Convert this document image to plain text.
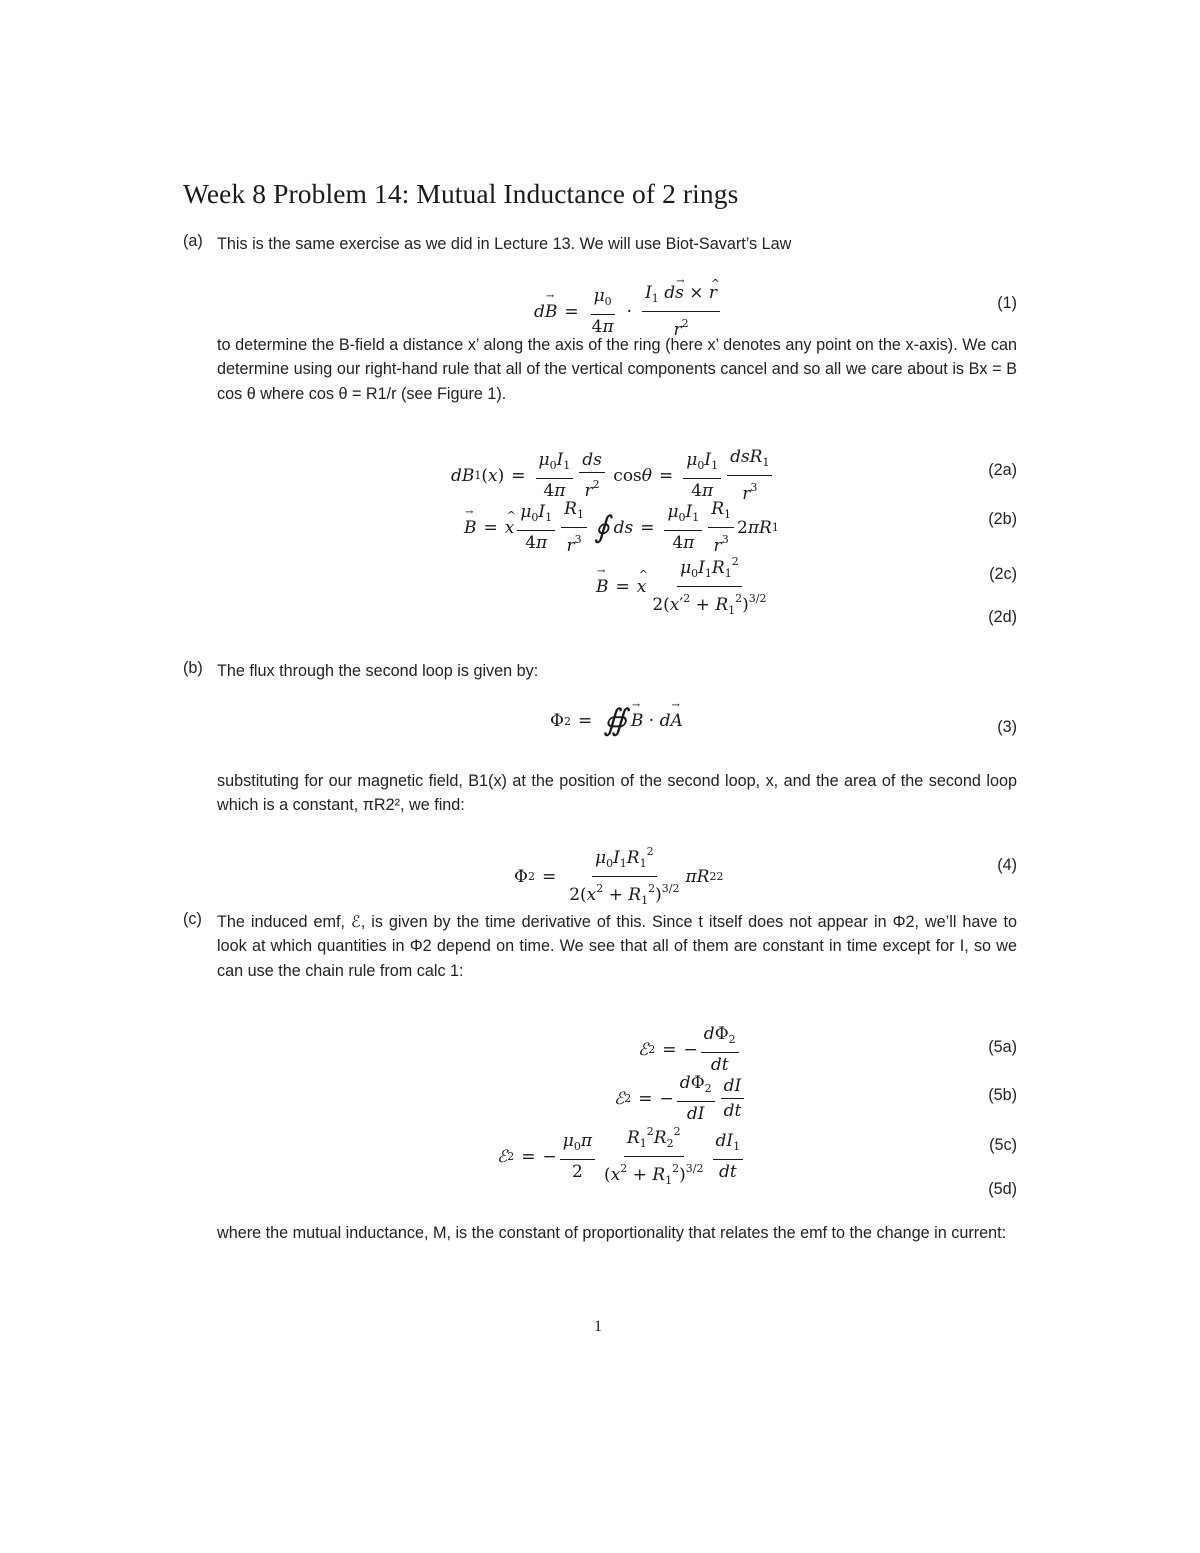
Week 8 Problem 14: Mutual Inductance of 2 rings
(a) This is the same exercise as we did in Lecture 13. We will use Biot-Savart’s Law

d
→ $B = \frac{\mu_0}{4\pi} \cdot \frac{I_1 d\to s \times \^{} r}{r^2}$	(1)

to determine the B-field a distance x’ along the axis of the ring (here x’ denotes any point on the x-axis). We can determine using our right-hand rule that all of the vertical components cancel and so all we care about is Bx = B cos θ where cos θ = R1/r (see Figure 1).

dB 1 ( x ) = $\frac{\mu_0I_1}{4\pi} \frac{ds}{r^2}$ $\cos \theta = \frac{\mu_0I_1}{4\pi} \frac{dsR_1}{r^3}$	(2a)
→ B =
^ x $\frac{\mu_0I_1}{4\pi} \frac{R_1}{r^3}$ ∮ ds = $\frac{\mu_0I_1}{4\pi} \frac{R_1}{r^3} 2$ πR 1	(2b)
→ B =
^ x $\frac{\mu_0I_1R_1^2}{2(x'^2 + R_1^2)^{3/2}}$	(2c)
(2d)
(b) The flux through the second loop is given by:

Φ 2 = ∯
→ B · d
→ A	(3)

substituting for our magnetic field, B1(x) at the position of the second loop, x, and the area of the second loop which is a constant, πR2², we find:

Φ $2 = \frac{\mu_0I_1R_1^2}{2(x^2 + R_1^2)^{3/2}}$ πR 2 2
(4)
(c) The induced emf, ℰ, is given by the time derivative of this. Since t itself does not appear in Φ2, we’ll have to look at which quantities in Φ2 depend on time. We see that all of them are constant in time except for I, so we can use the chain rule from calc 1:

ℰ 2 = − $\frac{d\Phi_2}{dt}$	(5a)
ℰ 2 = − $\frac{d\Phi_2}{dI} \frac{dI}{dt}$	(5b)
ℰ 2 = − $\frac{\mu_0\pi}{2} \frac{R_1^2R_2^2}{(x^2 + R_1^2)^{3/2}} \frac{dI_1}{dt}$	(5c)
(5d)

where the mutual inductance, M, is the constant of proportionality that relates the emf to the change in current:

1
